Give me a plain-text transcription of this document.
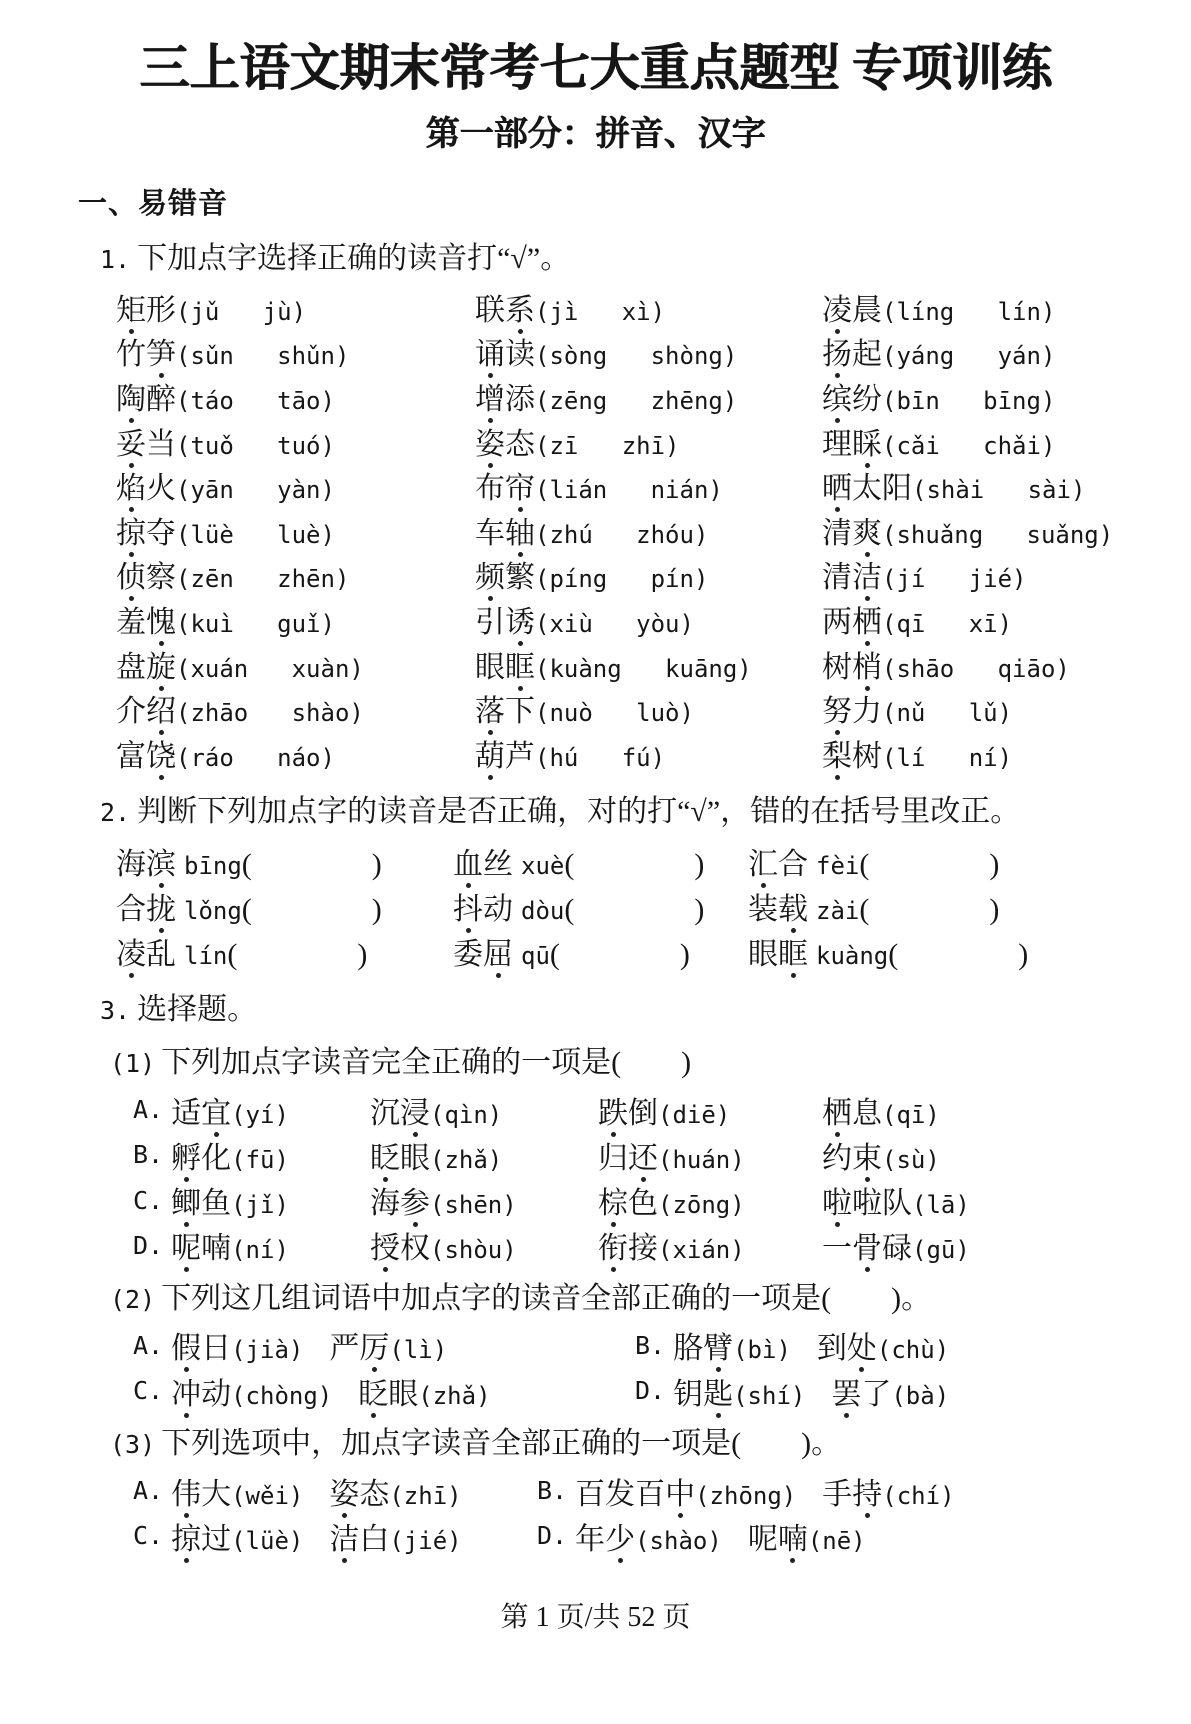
三上语文期末常考七大重点题型 专项训练
第一部分：拼音、汉字
一、易错音
1. 下加点字选择正确的读音打“√”。
矩形(jǔ   jù)	联系(jì   xì)	凌晨(líng   lín)
竹笋(sǔn   shǔn)	诵读(sòng   shòng)	扬起(yáng   yán)
陶醉(táo   tāo)	增添(zēng   zhēng)	缤纷(bīn   bīng)
妥当(tuǒ   tuó)	姿态(zī   zhī)	理睬(cǎi   chǎi)
焰火(yān   yàn)	布帘(lián   nián)	晒太阳(shài   sài)
掠夺(lüè   luè)	车轴(zhú   zhóu)	清爽(shuǎng   suǎng)
侦察(zēn   zhēn)	频繁(píng   pín)	清洁(jí   jié)
羞愧(kuì   guǐ)	引诱(xiù   yòu)	两栖(qī   xī)
盘旋(xuán   xuàn)	眼眶(kuàng   kuāng) 树梢(shāo   qiāo)
介绍(zhāo   shào)	落下(nuò   luò)	努力(nǔ   lǔ)
富饶(ráo   náo)	葫芦(hú   fú)	梨树(lí   ní)
2. 判断下列加点字的读音是否正确，对的打“√”，错的在括号里改正。
海滨 bīng(　　　　) 血丝 xuè(　　　　) 汇合 fèi(　　　　)
合拢 lǒng(　　　　) 抖动 dòu(　　　　) 装载 zài(　　　　)
凌乱 lín(　　　　)	委屈 qū(　　　　) 眼眶 kuàng(　　　　)
3. 选择题。
(1) 下列加点字读音完全正确的一项是(　　)
A. 适宜(yí)	沉浸(qìn)	跌倒(diē)	栖息(qī)
B. 孵化(fū)	眨眼(zhǎ)	归还(huán)	约束(sù)
C. 鲫鱼(jǐ)	海参(shēn)	棕色(zōng)	啦啦队(lā)
D. 呢喃(ní)	授权(shòu)	衔接(xián)	一骨碌(gū)
(2) 下列这几组词语中加点字的读音全部正确的一项是(　　)。
A. 假日(jià) 严厉(lì)	B. 胳臂(bì) 到处(chù)
C. 冲动(chòng) 眨眼(zhǎ)	D. 钥匙(shí) 罢了(bà)
(3) 下列选项中，加点字读音全部正确的一项是(　　)。
A. 伟大(wěi) 姿态(zhī)	B. 百发百中(zhōng) 手持(chí)
C. 掠过(lüè) 洁白(jié)	D. 年少(shào) 呢喃(nē)
第 1 页/共 52 页
